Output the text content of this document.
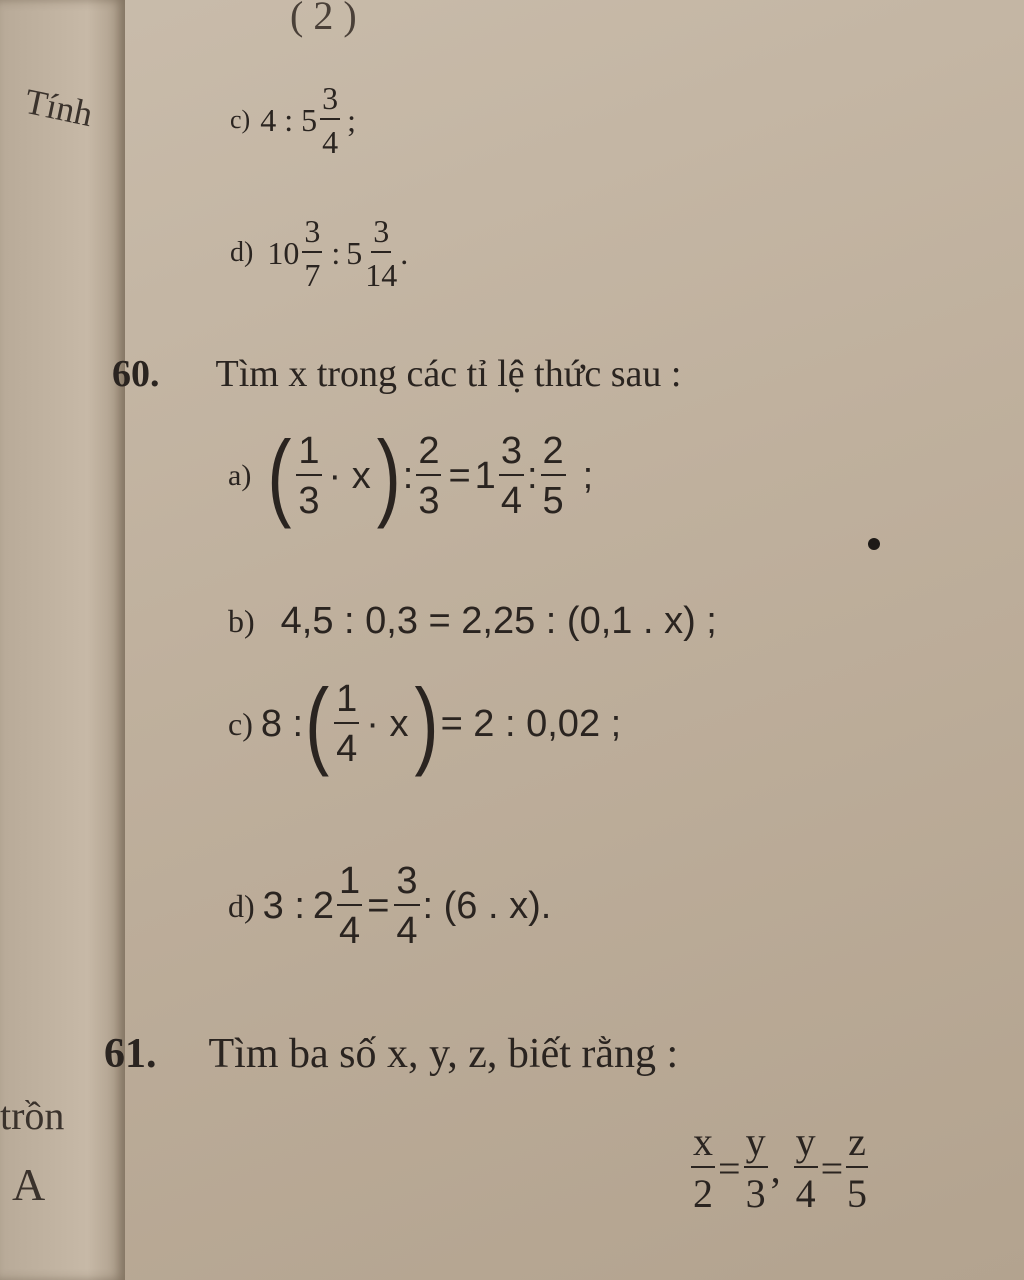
( 2 )
Tính
trồn
A
c) 4 : $5 \frac{3}{4}$ ;
d) $10 \frac{3}{7}$ : $5 \frac{3}{14}$ .
60. Tìm x trong các tỉ lệ thức sau :
a) ( $\frac{1}{3} \cdot x$ ) : $\frac{2}{3} = 1 \frac{3}{4}$ : $\frac{2}{5}$ ;
b) 4,5 : 0,3 = 2,25 : (0,1 . x) ;
c) 8 : ( $\frac{1}{4} \cdot x$ ) = 2 : 0,02 ;
d) 3 : $2 \frac{1}{4} = \frac{3}{4}$ : (6 . x).
61. Tìm ba số x, y, z, biết rằng :
$\frac{x}{2} = \frac{y}{3}$ , $\frac{y}{4} = \frac{z}{5}$
